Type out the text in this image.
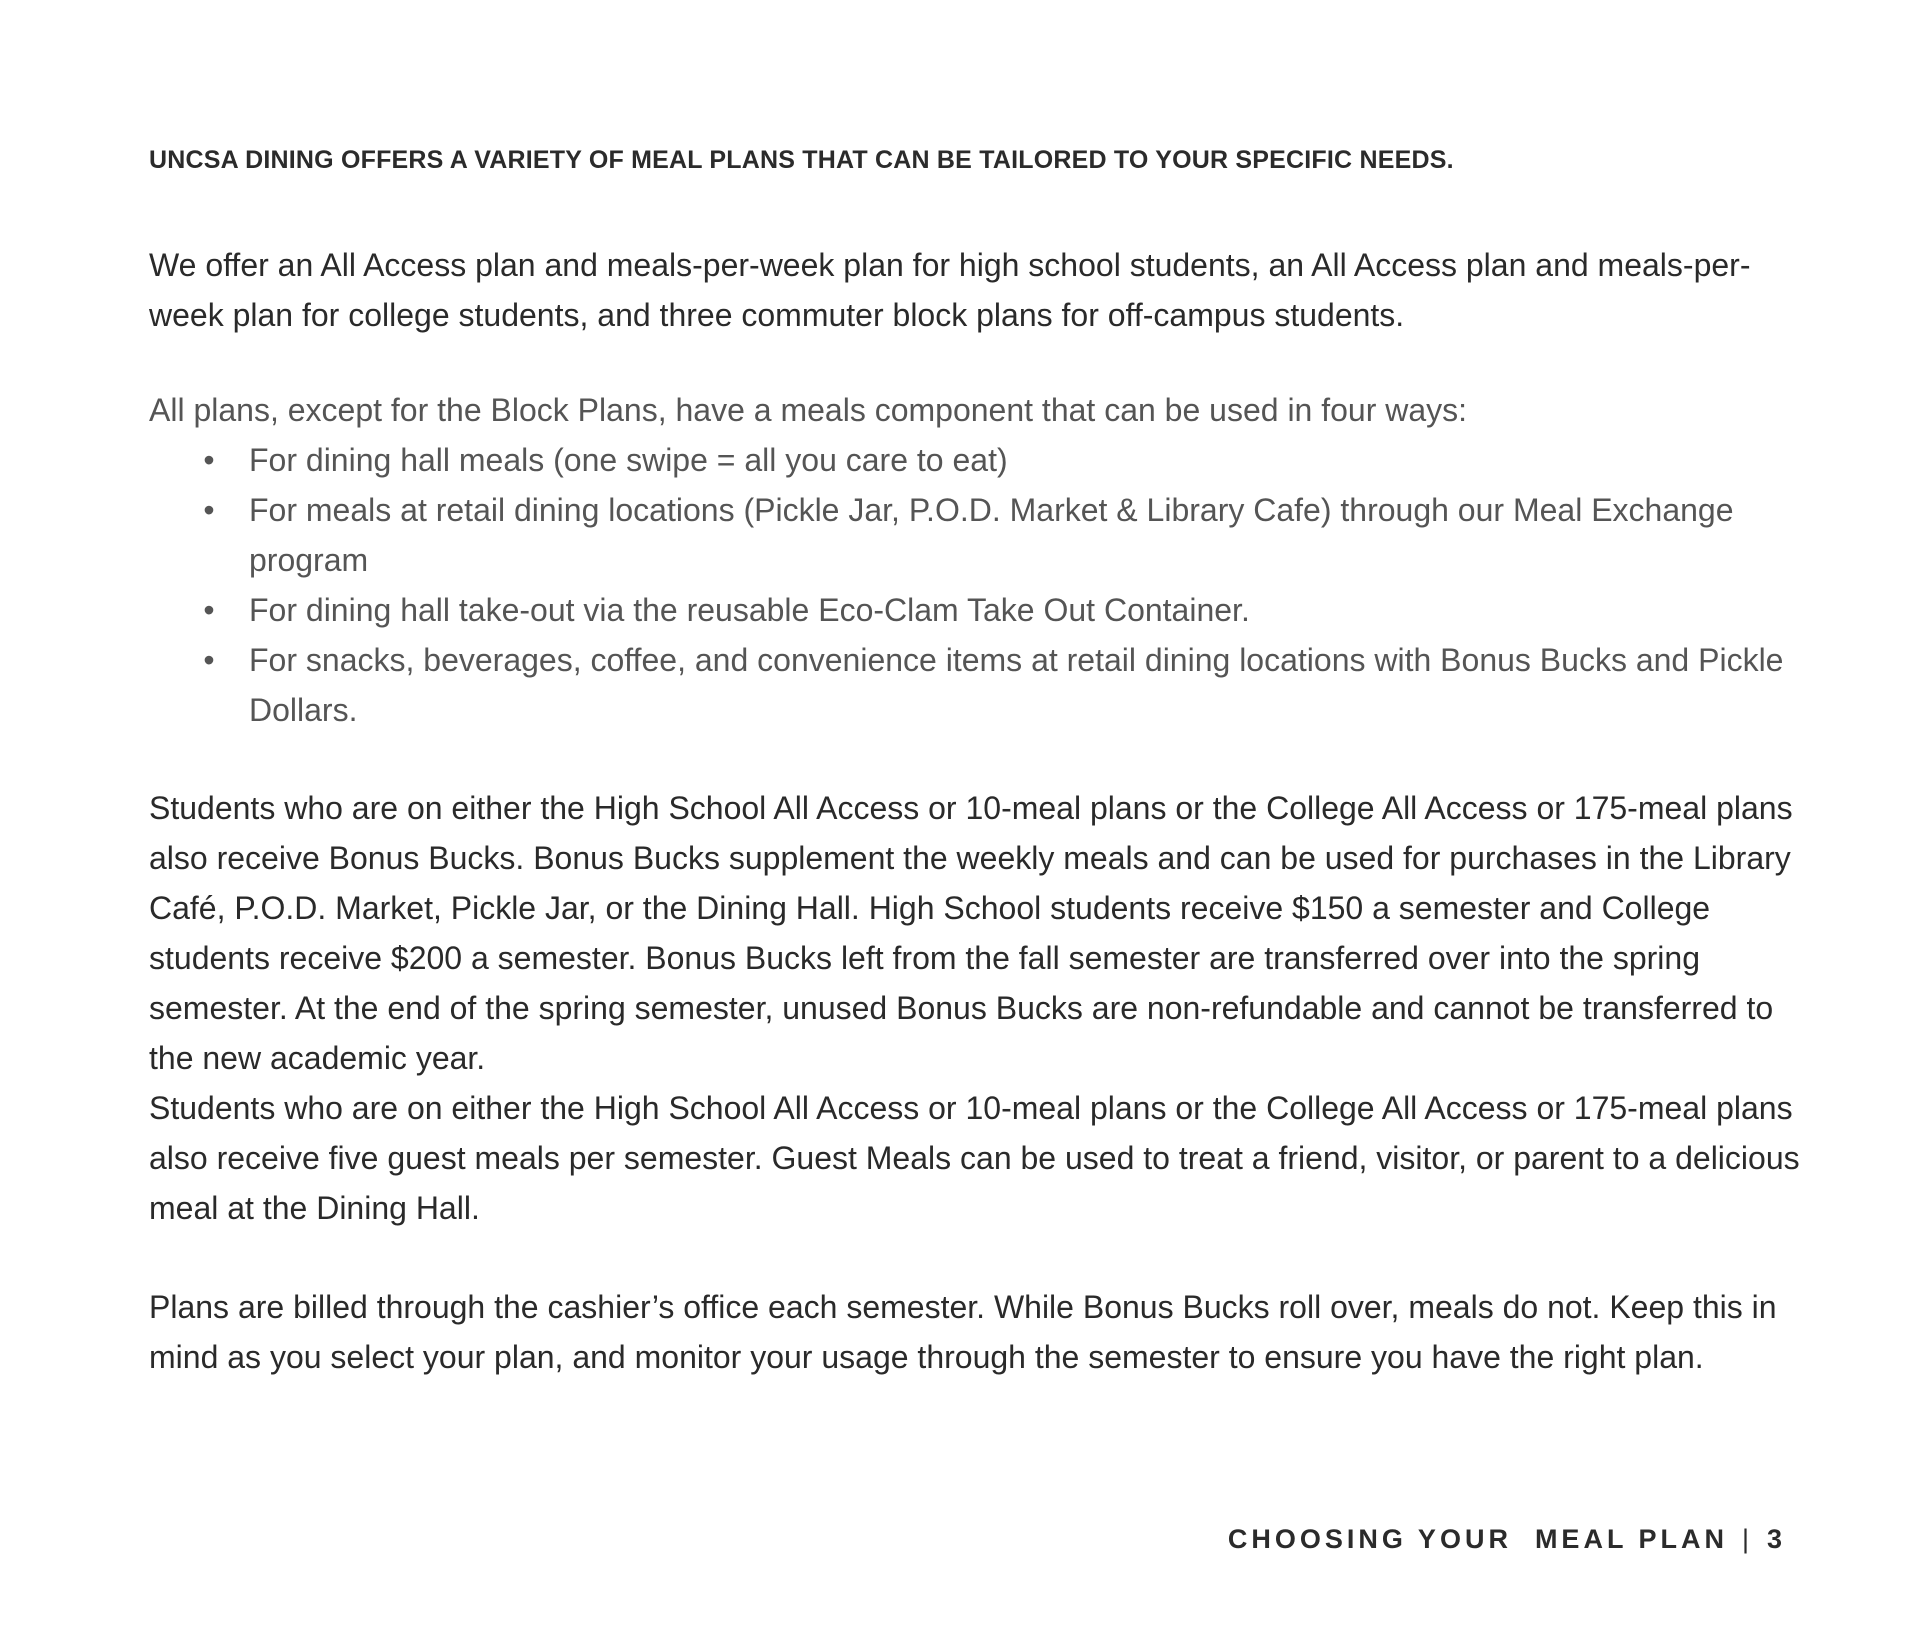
UNCSA DINING OFFERS A VARIETY OF MEAL PLANS THAT CAN BE TAILORED TO YOUR SPECIFIC NEEDS.

We offer an All Access plan and meals-per-week plan for high school students, an All Access plan and meals-per-week plan for college students, and three commuter block plans for off-campus students.

All plans, except for the Block Plans, have a meals component that can be used in four ways:

• For dining hall meals (one swipe = all you care to eat)
• For meals at retail dining locations (Pickle Jar, P.O.D. Market & Library Cafe) through our Meal Exchange program
• For dining hall take-out via the reusable Eco-Clam Take Out Container.
• For snacks, beverages, coffee, and convenience items at retail dining locations with Bonus Bucks and Pickle Dollars.

Students who are on either the High School All Access or 10-meal plans or the College All Access or 175-meal plans also receive Bonus Bucks. Bonus Bucks supplement the weekly meals and can be used for purchases in the Library Café, P.O.D. Market, Pickle Jar, or the Dining Hall. High School students receive $150 a semester and College students receive $200 a semester. Bonus Bucks left from the fall semester are transferred over into the spring semester. At the end of the spring semester, unused Bonus Bucks are non-refundable and cannot be transferred to the new academic year.

Students who are on either the High School All Access or 10-meal plans or the College All Access or 175-meal plans also receive five guest meals per semester. Guest Meals can be used to treat a friend, visitor, or parent to a delicious meal at the Dining Hall.

Plans are billed through the cashier’s office each semester. While Bonus Bucks roll over, meals do not. Keep this in mind as you select your plan, and monitor your usage through the semester to ensure you have the right plan.

CHOOSING YOUR  MEAL PLAN | 3
